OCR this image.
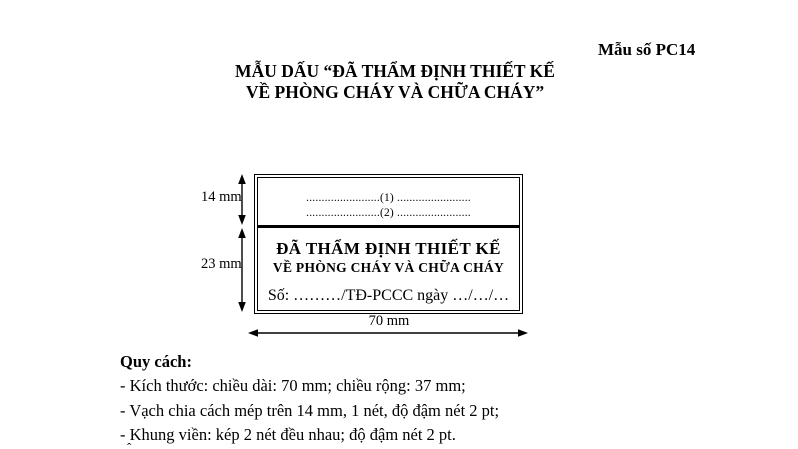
Mẫu số PC14
MẪU DẤU “ĐÃ THẨM ĐỊNH THIẾT KẾ
VỀ PHÒNG CHÁY VÀ CHỮA CHÁY”
........................(1) ........................
........................(2) ........................
ĐÃ THẨM ĐỊNH THIẾT KẾ
VỀ PHÒNG CHÁY VÀ CHỮA CHÁY
Số: ………/TĐ-PCCC ngày …/…/…
14 mm
23 mm
70 mm
Quy cách:
- Kích thước: chiều dài: 70 mm; chiều rộng: 37 mm;
- Vạch chia cách mép trên 14 mm, 1 nét, độ đậm nét 2 pt;
- Khung viền: kép 2 nét đều nhau; độ đậm nét 2 pt.
ˆ
